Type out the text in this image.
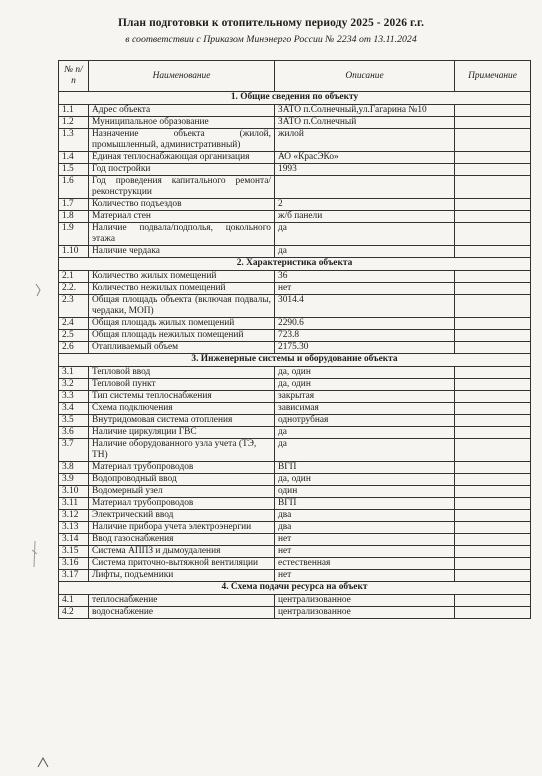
План подготовки к отопительному периоду 2025 - 2026 г.г.
в соответствии с Приказом Минэнерго России № 2234 от 13.11.2024
№ п/п	Наименование	Описание	Примечание
1. Общие сведения по объекту			
1.1	Адрес объекта	ЗАТО п.Солнечный,ул.Гагарина №10	
1.2	Муниципальное образование	ЗАТО п.Солнечный	
1.3	Назначение объекта (жилой, промышленный, административный)	жилой	
1.4	Единая теплоснабжающая организация	АО «КрасЭКо»	
1.5	Год постройки	1993	
1.6	Год проведения капитального ремонта/реконструкции		
1.7	Количество подъездов	2	
1.8	Материал стен	ж/б панели	
1.9	Наличие подвала/подполья, цокольного этажа	да	
1.10	Наличие чердака	да	
2. Характеристика объекта			
2.1	Количество жилых помещений	36	
2.2.	Количество нежилых помещений	нет	
2.3	Общая площадь объекта (включая подвалы, чердаки, МОП)	3014.4	
2.4	Общая площадь жилых помещений	2290.6	
2.5	Общая площадь нежилых помещений	723.8	
2.6	Отапливаемый объем	2175.30	
3. Инженерные системы и оборудование объекта			
3.1	Тепловой ввод	да, один	
3.2	Тепловой пункт	да, один	
3.3	Тип системы теплоснабжения	закрытая	
3.4	Схема подключения	зависимая	
3.5	Внутридомовая система отопления	однотрубная	
3.6	Наличие циркуляции ГВС	да	
3.7	Наличие оборудованного узла учета (ТЭ, ТН)	да	
3.8	Материал трубопроводов	ВГП	
3.9	Водопроводный ввод	да, один	
3.10	Водомерный узел	один	
3.11	Материал трубопроводов	ВГП	
3.12	Электрический ввод	два	
3.13	Наличие прибора учета электроэнергии	два	
3.14	Ввод газоснабжения	нет	
3.15	Система АППЗ и дымоудаления	нет	
3.16	Система приточно-вытяжной вентиляции	естественная	
3.17	Лифты, подъемники	нет	
4. Схема подачи ресурса на объект			
4.1	теплоснабжение	централизованное	
4.2	водоснабжение	централизованное	
